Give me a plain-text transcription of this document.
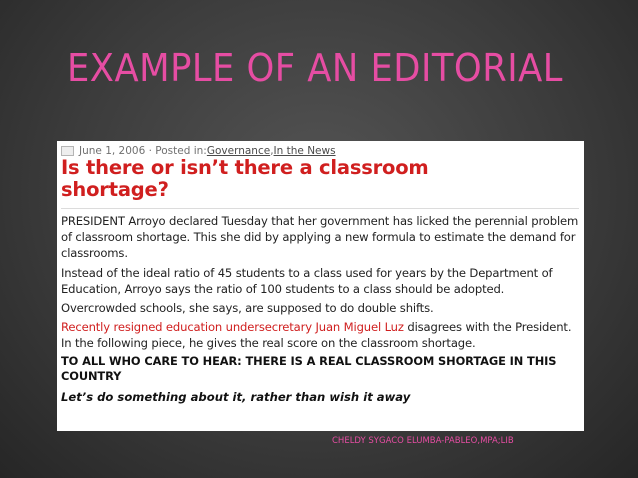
EXAMPLE OF AN EDITORIAL
June 1, 2006 · Posted in: Governance , In the News
Is there or isn’t there a classroom
shortage?
PRESIDENT Arroyo declared Tuesday that her government has licked the perennial problem of classroom shortage. This she did by applying a new formula to estimate the demand for classrooms.
Instead of the ideal ratio of 45 students to a class used for years by the Department of Education, Arroyo says the ratio of 100 students to a class should be adopted.
Overcrowded schools, she says, are supposed to do double shifts.
Recently resigned education undersecretary Juan Miguel Luz disagrees with the President. In the following piece, he gives the real score on the classroom shortage.
TO ALL WHO CARE TO HEAR: THERE IS A REAL CLASSROOM SHORTAGE IN THIS COUNTRY
Let’s do something about it, rather than wish it away
CHELDY SYGACO ELUMBA-PABLEO,MPA;LIB
